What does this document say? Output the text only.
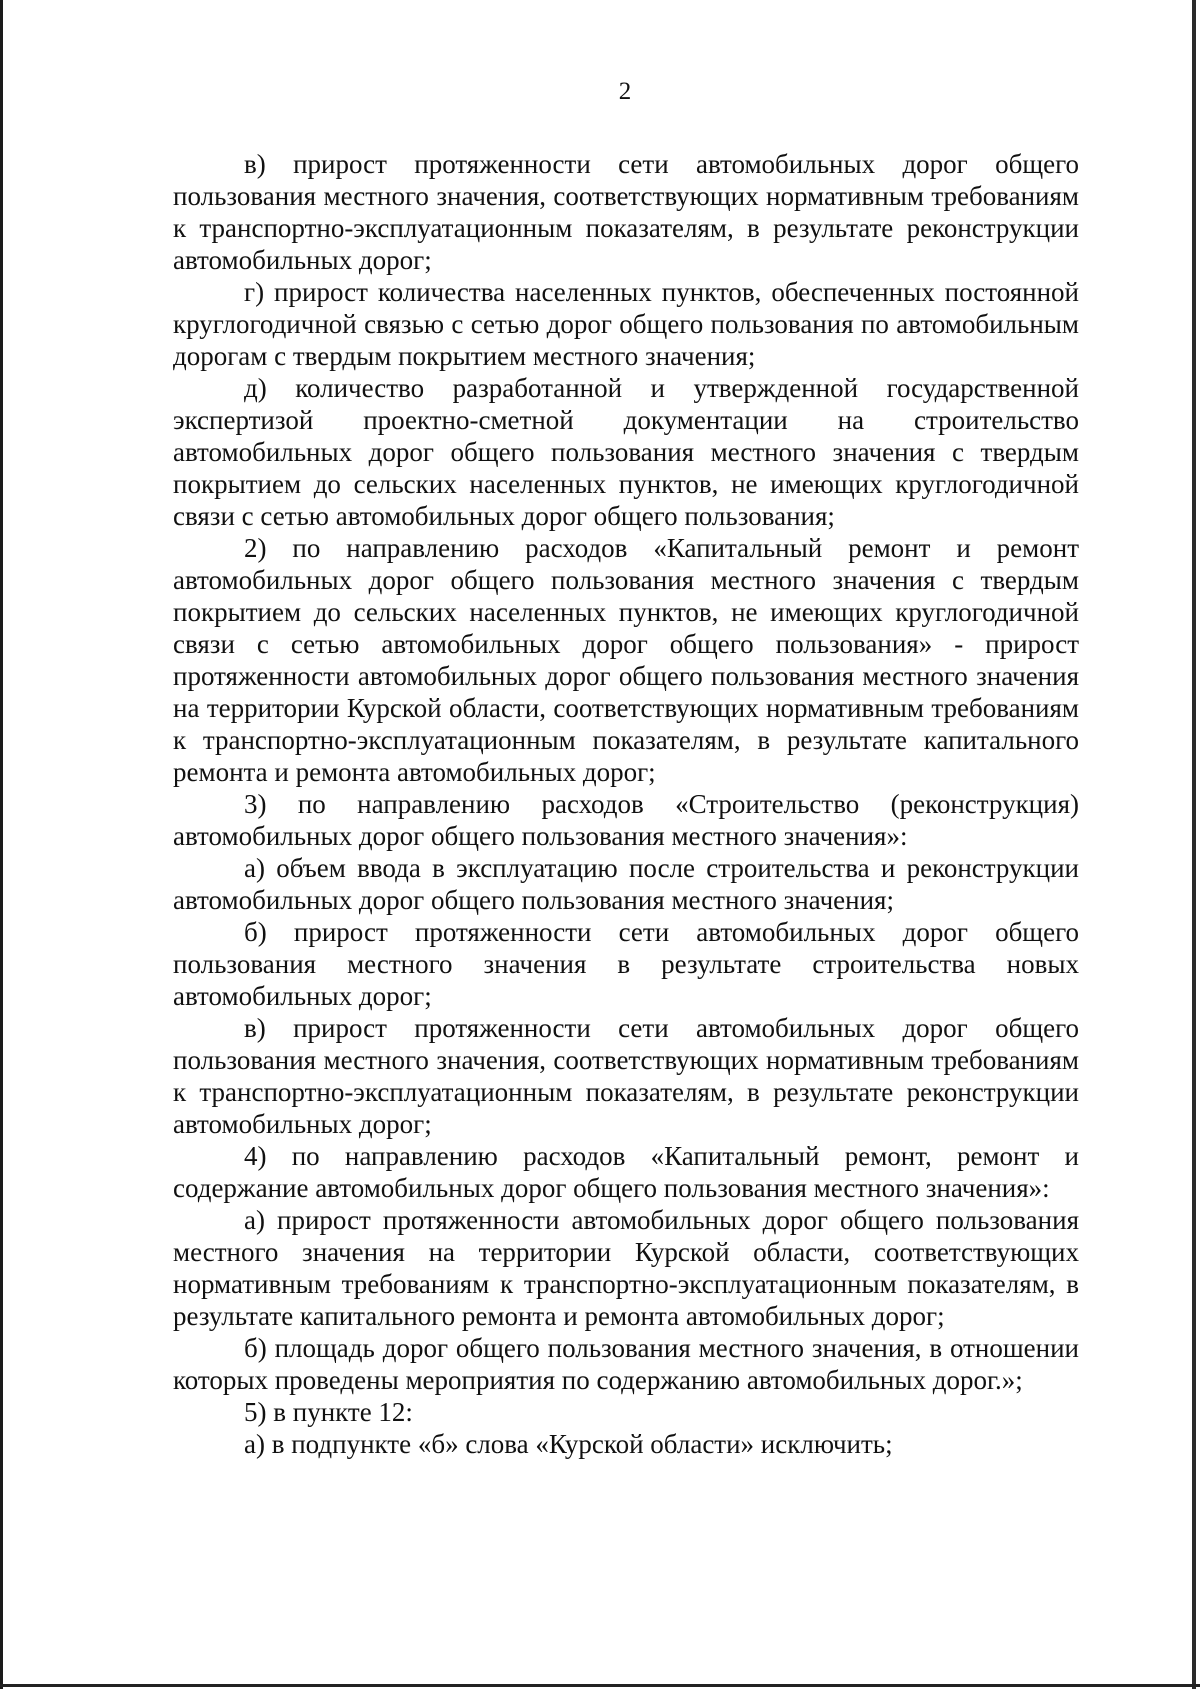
2

в) прирост протяженности сети автомобильных дорог общего пользования местного значения, соответствующих нормативным требованиям к транспортно-эксплуатационным показателям, в результате реконструкции автомобильных дорог;

г) прирост количества населенных пунктов, обеспеченных постоянной круглогодичной связью с сетью дорог общего пользования по автомобильным дорогам с твердым покрытием местного значения;

д) количество разработанной и утвержденной государственной экспертизой проектно-сметной документации на строительство автомобильных дорог общего пользования местного значения с твердым покрытием до сельских населенных пунктов, не имеющих круглогодичной связи с сетью автомобильных дорог общего пользования;

2) по направлению расходов «Капитальный ремонт и ремонт автомобильных дорог общего пользования местного значения с твердым покрытием до сельских населенных пунктов, не имеющих круглогодичной связи с сетью автомобильных дорог общего пользования» - прирост протяженности автомобильных дорог общего пользования местного значения на территории Курской области, соответствующих нормативным требованиям к транспортно-эксплуатационным показателям, в результате капитального ремонта и ремонта автомобильных дорог;

3) по направлению расходов «Строительство (реконструкция) автомобильных дорог общего пользования местного значения»:

а) объем ввода в эксплуатацию после строительства и реконструкции автомобильных дорог общего пользования местного значения;

б) прирост протяженности сети автомобильных дорог общего пользования местного значения в результате строительства новых автомобильных дорог;

в) прирост протяженности сети автомобильных дорог общего пользования местного значения, соответствующих нормативным требованиям к транспортно-эксплуатационным показателям, в результате реконструкции автомобильных дорог;

4) по направлению расходов «Капитальный ремонт, ремонт и содержание автомобильных дорог общего пользования местного значения»:

а) прирост протяженности автомобильных дорог общего пользования местного значения на территории Курской области, соответствующих нормативным требованиям к транспортно-эксплуатационным показателям, в результате капитального ремонта и ремонта автомобильных дорог;

б) площадь дорог общего пользования местного значения, в отношении которых проведены мероприятия по содержанию автомобильных дорог.»;

5) в пункте 12:

а) в подпункте «б» слова «Курской области» исключить;
